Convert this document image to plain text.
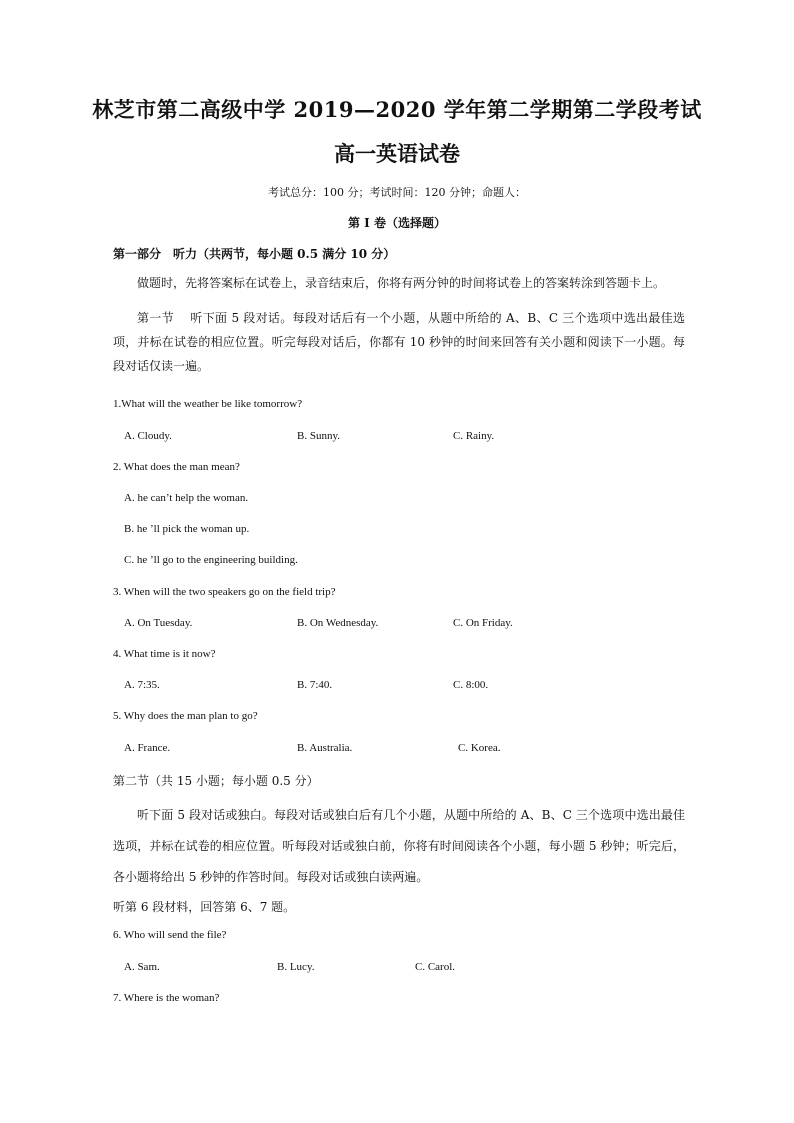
林芝市第二高级中学 2019—2020 学年第二学期第二学段考试
高一英语试卷
考试总分：100 分；考试时间：120 分钟；命题人：
第 I 卷（选择题）
第一部分　听力（共两节，每小题 0.5 满分 10 分）
做题时，先将答案标在试卷上，录音结束后，你将有两分钟的时间将试卷上的答案转涂到答题卡上。
第一节　 听下面 5 段对话。每段对话后有一个小题，从题中所给的 A、B、C 三个选项中选出最佳选项，并标在试卷的相应位置。听完每段对话后，你都有 10 秒钟的时间来回答有关小题和阅读下一小题。每段对话仅读一遍。
1.What will the weather be like tomorrow?
A. Cloudy.	B. Sunny.	C. Rainy.
2. What does the man mean?
A. he can’t help the woman.
B. he ’ll pick the woman up.
C. he ’ll go to the engineering building.
3. When will the two speakers go on the field trip?
A. On Tuesday.	B. On Wednesday.	C. On Friday.
4. What time is it now?
A. 7:35.	B. 7:40.	C. 8:00.
5. Why does the man plan to go?
A. France.	B. Australia.	C. Korea.
第二节（共 15 小题；每小题 0.5 分）
听下面 5 段对话或独白。每段对话或独白后有几个小题，从题中所给的 A、B、C 三个选项中选出最佳选项，并标在试卷的相应位置。听每段对话或独白前，你将有时间阅读各个小题，每小题 5 秒钟；听完后，各小题将给出 5 秒钟的作答时间。每段对话或独白读两遍。
听第 6 段材料，回答第 6、7 题。
6. Who will send the file?
A. Sam.	B. Lucy.	C. Carol.
7. Where is the woman?
